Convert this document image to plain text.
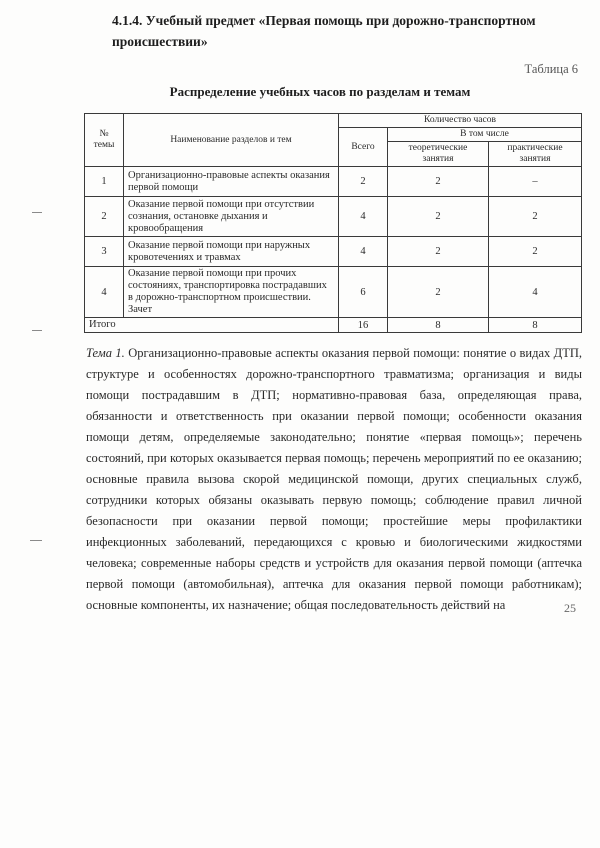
4.1.4. Учебный предмет «Первая помощь при дорожно-транспортном
происшествии»
Таблица 6
Распределение учебных часов по разделам и темам
№ темы	Наименование разделов и тем	Количество часов		
		Всего	В том числе	
			теоретические занятия	практические занятия
1	Организационно-правовые аспекты оказания первой помощи	2	2	–
2	Оказание первой помощи при отсутствии сознания, остановке дыхания и кровообращения	4	2	2
3	Оказание первой помощи при наружных кровотечениях и травмах	4	2	2
4	Оказание первой помощи при прочих состояниях, транспортировка пострадавших в дорожно-транспортном происшествии. Зачет	6	2	4
Итого		16	8	8
Тема 1. Организационно-правовые аспекты оказания первой помощи: понятие о видах ДТП, структуре и особенностях дорожно-транспортного травматизма; организация и виды помощи пострадавшим в ДТП; нормативно-правовая база, определяющая права, обязанности и ответственность при оказании первой помощи; особенности оказания помощи детям, определяемые законодательно; понятие «первая помощь»; перечень состояний, при которых оказывается первая помощь; перечень мероприятий по ее оказанию; основные правила вызова скорой медицинской помощи, других специальных служб, сотрудники которых обязаны оказывать первую помощь; соблюдение правил личной безопасности при оказании первой помощи; простейшие меры профилактики инфекционных заболеваний, передающихся с кровью и биологическими жидкостями человека; современные наборы средств и устройств для оказания первой помощи (аптечка первой помощи (автомобильная), аптечка для оказания первой помощи работникам); основные компоненты, их назначение; общая последовательность действий на	25
